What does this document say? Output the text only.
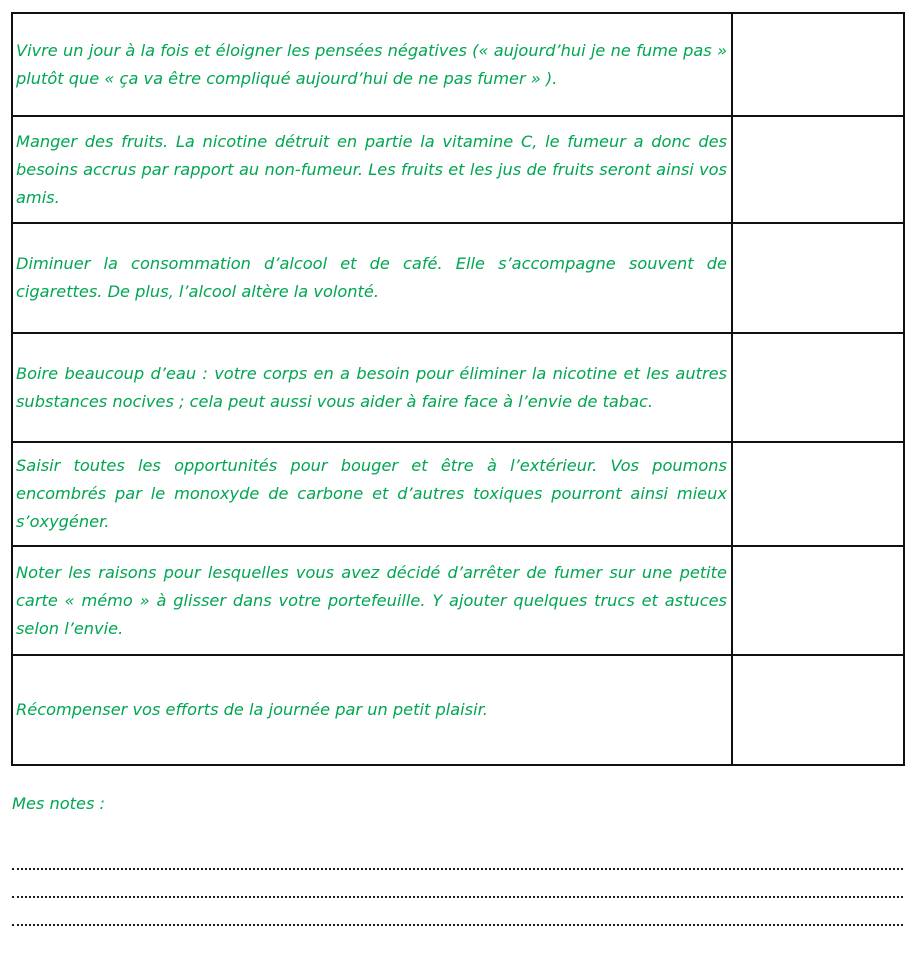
Vivre un jour à la fois et éloigner les pensées négatives (« aujourd’hui je ne fume pas » plutôt que « ça va être compliqué aujourd’hui de ne pas fumer » ).	

Manger des fruits. La nicotine détruit en partie la vitamine C, le fumeur a donc des besoins accrus par rapport au non-fumeur. Les fruits et les jus de fruits seront ainsi vos amis.	

Diminuer la consommation d’alcool et de café. Elle s’accompagne souvent de cigarettes. De plus, l’alcool altère la volonté.	

Boire beaucoup d’eau : votre corps en a besoin pour éliminer la nicotine et les autres substances nocives ; cela peut aussi vous aider à faire face à l’envie de tabac.	

Saisir toutes les opportunités pour bouger et être à l’extérieur. Vos poumons encombrés par le monoxyde de carbone et d’autres toxiques pourront ainsi mieux s’oxygéner.	

Noter les raisons pour lesquelles vous avez décidé d’arrêter de fumer sur une petite carte « mémo » à glisser dans votre portefeuille. Y ajouter quelques trucs et astuces selon l’envie.	

Récompenser vos efforts de la journée par un petit plaisir.	

Mes notes :
